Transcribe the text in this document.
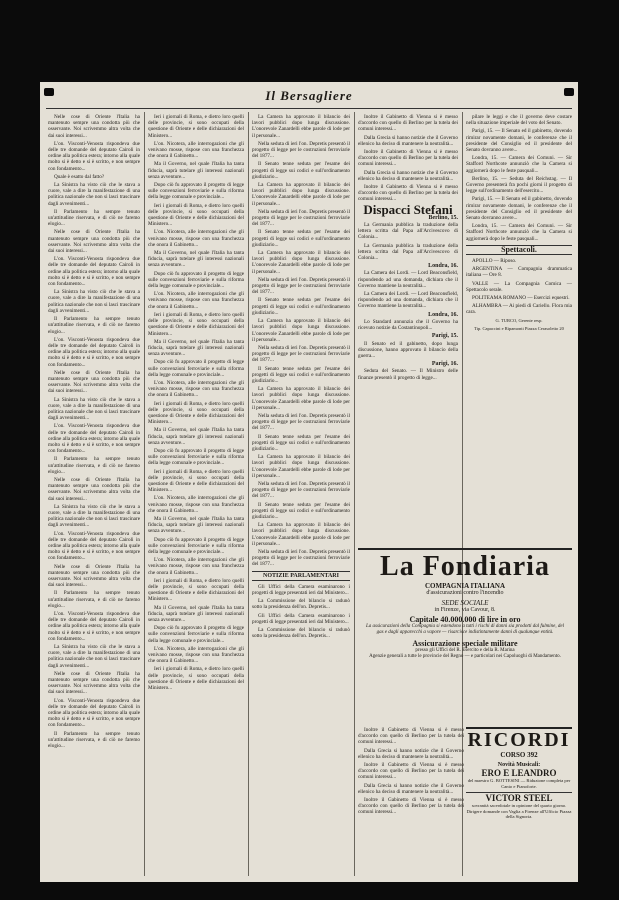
Il Bersagliere

Nelle cose di Oriente l'Italia ha mantenuto sempre una condotta più che osservante. Noi scrivemmo altra volta che dai suoi interessi...

L'on. Visconti-Venosta rispondeva due delle tre domande del deputato Cairoli in ordine alla politica estera; intorno alla quale molto si è detto e si è scritto, e non sempre con fondamento...

Quale è esatto dal fatto?

La Sinistra ha visto ciò che le stava a cuore, vale a dire la manifestazione di una politica nazionale che non si lasci trascinare dagli avvenimenti...

Il Parlamento ha sempre tenuto un'attitudine riservata, e di ciò ne faremo elogio...

Nelle cose di Oriente l'Italia ha mantenuto sempre una condotta più che osservante. Noi scrivemmo altra volta che dai suoi interessi...

L'on. Visconti-Venosta rispondeva due delle tre domande del deputato Cairoli in ordine alla politica estera; intorno alla quale molto si è detto e si è scritto, e non sempre con fondamento...

La Sinistra ha visto ciò che le stava a cuore, vale a dire la manifestazione di una politica nazionale che non si lasci trascinare dagli avvenimenti...

Il Parlamento ha sempre tenuto un'attitudine riservata, e di ciò ne faremo elogio...

L'on. Visconti-Venosta rispondeva due delle tre domande del deputato Cairoli in ordine alla politica estera; intorno alla quale molto si è detto e si è scritto, e non sempre con fondamento...

Nelle cose di Oriente l'Italia ha mantenuto sempre una condotta più che osservante. Noi scrivemmo altra volta che dai suoi interessi...

La Sinistra ha visto ciò che le stava a cuore, vale a dire la manifestazione di una politica nazionale che non si lasci trascinare dagli avvenimenti...

L'on. Visconti-Venosta rispondeva due delle tre domande del deputato Cairoli in ordine alla politica estera; intorno alla quale molto si è detto e si è scritto, e non sempre con fondamento...

Il Parlamento ha sempre tenuto un'attitudine riservata, e di ciò ne faremo elogio...

Nelle cose di Oriente l'Italia ha mantenuto sempre una condotta più che osservante. Noi scrivemmo altra volta che dai suoi interessi...

La Sinistra ha visto ciò che le stava a cuore, vale a dire la manifestazione di una politica nazionale che non si lasci trascinare dagli avvenimenti...

L'on. Visconti-Venosta rispondeva due delle tre domande del deputato Cairoli in ordine alla politica estera; intorno alla quale molto si è detto e si è scritto, e non sempre con fondamento...

Nelle cose di Oriente l'Italia ha mantenuto sempre una condotta più che osservante. Noi scrivemmo altra volta che dai suoi interessi...

Il Parlamento ha sempre tenuto un'attitudine riservata, e di ciò ne faremo elogio...

L'on. Visconti-Venosta rispondeva due delle tre domande del deputato Cairoli in ordine alla politica estera; intorno alla quale molto si è detto e si è scritto, e non sempre con fondamento...

La Sinistra ha visto ciò che le stava a cuore, vale a dire la manifestazione di una politica nazionale che non si lasci trascinare dagli avvenimenti...

Nelle cose di Oriente l'Italia ha mantenuto sempre una condotta più che osservante. Noi scrivemmo altra volta che dai suoi interessi...

L'on. Visconti-Venosta rispondeva due delle tre domande del deputato Cairoli in ordine alla politica estera; intorno alla quale molto si è detto e si è scritto, e non sempre con fondamento...

Il Parlamento ha sempre tenuto un'attitudine riservata, e di ciò ne faremo elogio...

Ieri i giornali di Roma, e dietro loro quelli delle provincie, si sono occupati della questione di Oriente e delle dichiarazioni del Ministero...

L'on. Nicotera, alle interrogazioni che gli venivano mosse, rispose con una franchezza che onora il Gabinetto...

Ma il Governo, nel quale l'Italia ha tanta fiducia, saprà tutelare gli interessi nazionali senza avventure...

Dopo ciò fu approvato il progetto di legge sulle convenzioni ferroviarie e sulla riforma della legge comunale e provinciale...

Ieri i giornali di Roma, e dietro loro quelli delle provincie, si sono occupati della questione di Oriente e delle dichiarazioni del Ministero...

L'on. Nicotera, alle interrogazioni che gli venivano mosse, rispose con una franchezza che onora il Gabinetto...

Ma il Governo, nel quale l'Italia ha tanta fiducia, saprà tutelare gli interessi nazionali senza avventure...

Dopo ciò fu approvato il progetto di legge sulle convenzioni ferroviarie e sulla riforma della legge comunale e provinciale...

L'on. Nicotera, alle interrogazioni che gli venivano mosse, rispose con una franchezza che onora il Gabinetto...

Ieri i giornali di Roma, e dietro loro quelli delle provincie, si sono occupati della questione di Oriente e delle dichiarazioni del Ministero...

Ma il Governo, nel quale l'Italia ha tanta fiducia, saprà tutelare gli interessi nazionali senza avventure...

Dopo ciò fu approvato il progetto di legge sulle convenzioni ferroviarie e sulla riforma della legge comunale e provinciale...

L'on. Nicotera, alle interrogazioni che gli venivano mosse, rispose con una franchezza che onora il Gabinetto...

Ieri i giornali di Roma, e dietro loro quelli delle provincie, si sono occupati della questione di Oriente e delle dichiarazioni del Ministero...

Ma il Governo, nel quale l'Italia ha tanta fiducia, saprà tutelare gli interessi nazionali senza avventure...

Dopo ciò fu approvato il progetto di legge sulle convenzioni ferroviarie e sulla riforma della legge comunale e provinciale...

Ieri i giornali di Roma, e dietro loro quelli delle provincie, si sono occupati della questione di Oriente e delle dichiarazioni del Ministero...

L'on. Nicotera, alle interrogazioni che gli venivano mosse, rispose con una franchezza che onora il Gabinetto...

Ma il Governo, nel quale l'Italia ha tanta fiducia, saprà tutelare gli interessi nazionali senza avventure...

Dopo ciò fu approvato il progetto di legge sulle convenzioni ferroviarie e sulla riforma della legge comunale e provinciale...

L'on. Nicotera, alle interrogazioni che gli venivano mosse, rispose con una franchezza che onora il Gabinetto...

Ieri i giornali di Roma, e dietro loro quelli delle provincie, si sono occupati della questione di Oriente e delle dichiarazioni del Ministero...

Ma il Governo, nel quale l'Italia ha tanta fiducia, saprà tutelare gli interessi nazionali senza avventure...

Dopo ciò fu approvato il progetto di legge sulle convenzioni ferroviarie e sulla riforma della legge comunale e provinciale...

L'on. Nicotera, alle interrogazioni che gli venivano mosse, rispose con una franchezza che onora il Gabinetto...

Ieri i giornali di Roma, e dietro loro quelli delle provincie, si sono occupati della questione di Oriente e delle dichiarazioni del Ministero...

La Camera ha approvato il bilancio dei lavori pubblici dopo lunga discussione. L'onorevole Zanardelli ebbe parole di lode per il personale...

Nella seduta di ieri l'on. Depretis presentò il progetto di legge per le costruzioni ferroviarie del 1877...

Il Senato tenne seduta per l'esame dei progetti di legge sui codici e sull'ordinamento giudiziario...

La Camera ha approvato il bilancio dei lavori pubblici dopo lunga discussione. L'onorevole Zanardelli ebbe parole di lode per il personale...

Nella seduta di ieri l'on. Depretis presentò il progetto di legge per le costruzioni ferroviarie del 1877...

Il Senato tenne seduta per l'esame dei progetti di legge sui codici e sull'ordinamento giudiziario...

La Camera ha approvato il bilancio dei lavori pubblici dopo lunga discussione. L'onorevole Zanardelli ebbe parole di lode per il personale...

Nella seduta di ieri l'on. Depretis presentò il progetto di legge per le costruzioni ferroviarie del 1877...

Il Senato tenne seduta per l'esame dei progetti di legge sui codici e sull'ordinamento giudiziario...

La Camera ha approvato il bilancio dei lavori pubblici dopo lunga discussione. L'onorevole Zanardelli ebbe parole di lode per il personale...

Nella seduta di ieri l'on. Depretis presentò il progetto di legge per le costruzioni ferroviarie del 1877...

Il Senato tenne seduta per l'esame dei progetti di legge sui codici e sull'ordinamento giudiziario...

La Camera ha approvato il bilancio dei lavori pubblici dopo lunga discussione. L'onorevole Zanardelli ebbe parole di lode per il personale...

Nella seduta di ieri l'on. Depretis presentò il progetto di legge per le costruzioni ferroviarie del 1877...

Il Senato tenne seduta per l'esame dei progetti di legge sui codici e sull'ordinamento giudiziario...

La Camera ha approvato il bilancio dei lavori pubblici dopo lunga discussione. L'onorevole Zanardelli ebbe parole di lode per il personale...

Nella seduta di ieri l'on. Depretis presentò il progetto di legge per le costruzioni ferroviarie del 1877...

Il Senato tenne seduta per l'esame dei progetti di legge sui codici e sull'ordinamento giudiziario...

La Camera ha approvato il bilancio dei lavori pubblici dopo lunga discussione. L'onorevole Zanardelli ebbe parole di lode per il personale...

Nella seduta di ieri l'on. Depretis presentò il progetto di legge per le costruzioni ferroviarie del 1877...

NOTIZIE PARLAMENTARI

Gli Uffici della Camera esaminarono i progetti di legge presentati ieri dal Ministero...

La Commissione del bilancio si radunò sotto la presidenza dell'on. Depretis...

Gli Uffici della Camera esaminarono i progetti di legge presentati ieri dal Ministero...

La Commissione del bilancio si radunò sotto la presidenza dell'on. Depretis...

Inoltre il Gabinetto di Vienna si è messo d'accordo con quello di Berlino per la tutela dei comuni interessi...

Dalla Grecia si hanno notizie che il Governo ellenico ha deciso di mantenere la neutralità...

Inoltre il Gabinetto di Vienna si è messo d'accordo con quello di Berlino per la tutela dei comuni interessi...

Dalla Grecia si hanno notizie che il Governo ellenico ha deciso di mantenere la neutralità...

Inoltre il Gabinetto di Vienna si è messo d'accordo con quello di Berlino per la tutela dei comuni interessi...

Dispacci Stefani
Berlino, 15.

La Germania pubblica la traduzione della lettera scritta dal Papa all'Arcivescovo di Colonia...

La Germania pubblica la traduzione della lettera scritta dal Papa all'Arcivescovo di Colonia...

Londra, 16.

La Camera dei Lordi. — Lord Beaconsfield, rispondendo ad una domanda, dichiara che il Governo mantiene la neutralità...

La Camera dei Lordi. — Lord Beaconsfield, rispondendo ad una domanda, dichiara che il Governo mantiene la neutralità...

Londra, 16.

Lo Standard annunzia che il Governo ha ricevuto notizie da Costantinopoli...

Parigi, 15.

Il Senato ed il gabinetto, dopo lunga discussione, hanno approvato il bilancio della guerra...

Parigi, 16.

Seduta del Senato. — Il Ministro delle finanze presentò il progetto di legge...

pilare le leggi e che il governo deve costare nella situazione imperiale del voto del Senato.

Parigi, 15. — Il Senato ed il gabinetto, dovendo rimirar novamente domani, le conferenze che il presidente del Consiglio ed il presidente del Senato dovranno avere...

Londra, 15. — Camera dei Comuni. — Sir Stafford Northcote annunziò che la Camera si aggiornerà dopo le feste pasquali...

Berlino, 15. — Seduta del Reichstag. — Il Governo presenterà fra pochi giorni il progetto di legge sull'ordinamento dell'esercito...

Parigi, 15. — Il Senato ed il gabinetto, dovendo rimirar novamente domani, le conferenze che il presidente del Consiglio ed il presidente del Senato dovranno avere...

Londra, 15. — Camera dei Comuni. — Sir Stafford Northcote annunziò che la Camera si aggiornerà dopo le feste pasquali...

Spettacoli.

APOLLO — Riposo.

ARGENTINA — Compagnia drammatica italiana — Ore 8.

VALLE — La Compagnia Comica — Spettacolo serale.

POLITEAMA ROMANO — Esercizi equestri.

ALHAMBRA — Ai piedi di Cariello. Flora mia cara.

G. TURCO, Gerente resp.
Tip. Capaccini e Ripamonti Piazza Cerasoletto 20
La Fondiaria
COMPAGNIA ITALIANA
d'assicurazioni contro l'incendio
SEDE SOCIALE
in Firenze, via Cavour, 8.
Capitale 40.000.000 di lire in oro
La assicurazioni della Compagnia si estendono a tutti i rischi di danni sia prodotti dal fulmine, del gas e dagli apparecchi a vapore — risarcisce indistintamente danni di qualunque entità.
Assicurazione speciale militare
presso gli Uffici del R. Esercito e della R. Marina
Agenzie generali a tutte le provincie del Regno — e particolari nei Capoluoghi di Mandamento.

Inoltre il Gabinetto di Vienna si è messo d'accordo con quello di Berlino per la tutela dei comuni interessi...

Dalla Grecia si hanno notizie che il Governo ellenico ha deciso di mantenere la neutralità...

Inoltre il Gabinetto di Vienna si è messo d'accordo con quello di Berlino per la tutela dei comuni interessi...

Dalla Grecia si hanno notizie che il Governo ellenico ha deciso di mantenere la neutralità...

Inoltre il Gabinetto di Vienna si è messo d'accordo con quello di Berlino per la tutela dei comuni interessi...

RICORDI
CORSO 392
Novità Musicali:
ERO E LEANDRO
del maestro G. BOTTESINI — Riduzione completa per Canto e Pianoforte.
VICTOR STEEL
sovranità sacerdotale in opinione del quarto giorno. Dirigere domande con Vaglia a Firenze all'Ufficio Piazza della Signoria.
